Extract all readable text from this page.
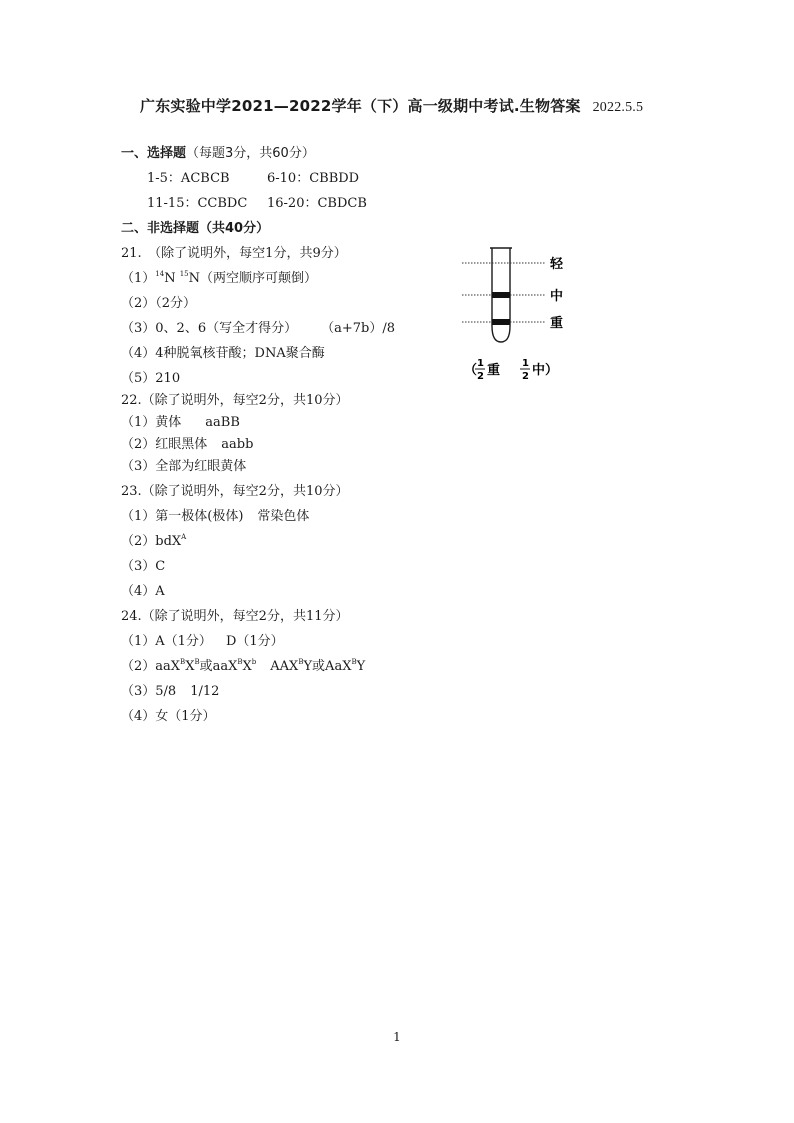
广东实验中学2021—2022学年（下）高一级期中考试.生物答案 2022.5.5
一、选择题（每题3分，共60分）
1-5：ACBCB	6-10：CBBDD
11-15：CCBDC 16-20：CBDCB
二、非选择题（共40分）
21.　（除了说明外，每空1分，共9分）
$(1)^{14}N$ $^{15}$N（两空顺序可颠倒）
（2）（2分）
（3）0、2、6（写全才得分） （a+7b）/8
（4）4种脱氧核苷酸；DNA聚合酶
（5）210
22.（除了说明外，每空2分，共10分）
（1）黄体 aaBB
（2）红眼黑体 aabb
（3）全部为红眼黄体
23.（除了说明外，每空2分，共10分）
（1）第一极体(极体) 常染色体
（2）bdX$^A$
（3）C
（4）A
24.（除了说明外，每空2分，共11分）
（1）A（1分） D（1分）
$(2)aaX^BX^B$或$aaX^BX^b$ $AAX^BY$或AaX$^B$Y
（3）5/8 1/12
（4）女（1分）
轻
中
重
（ 1
2 重 1
2 中）
1
